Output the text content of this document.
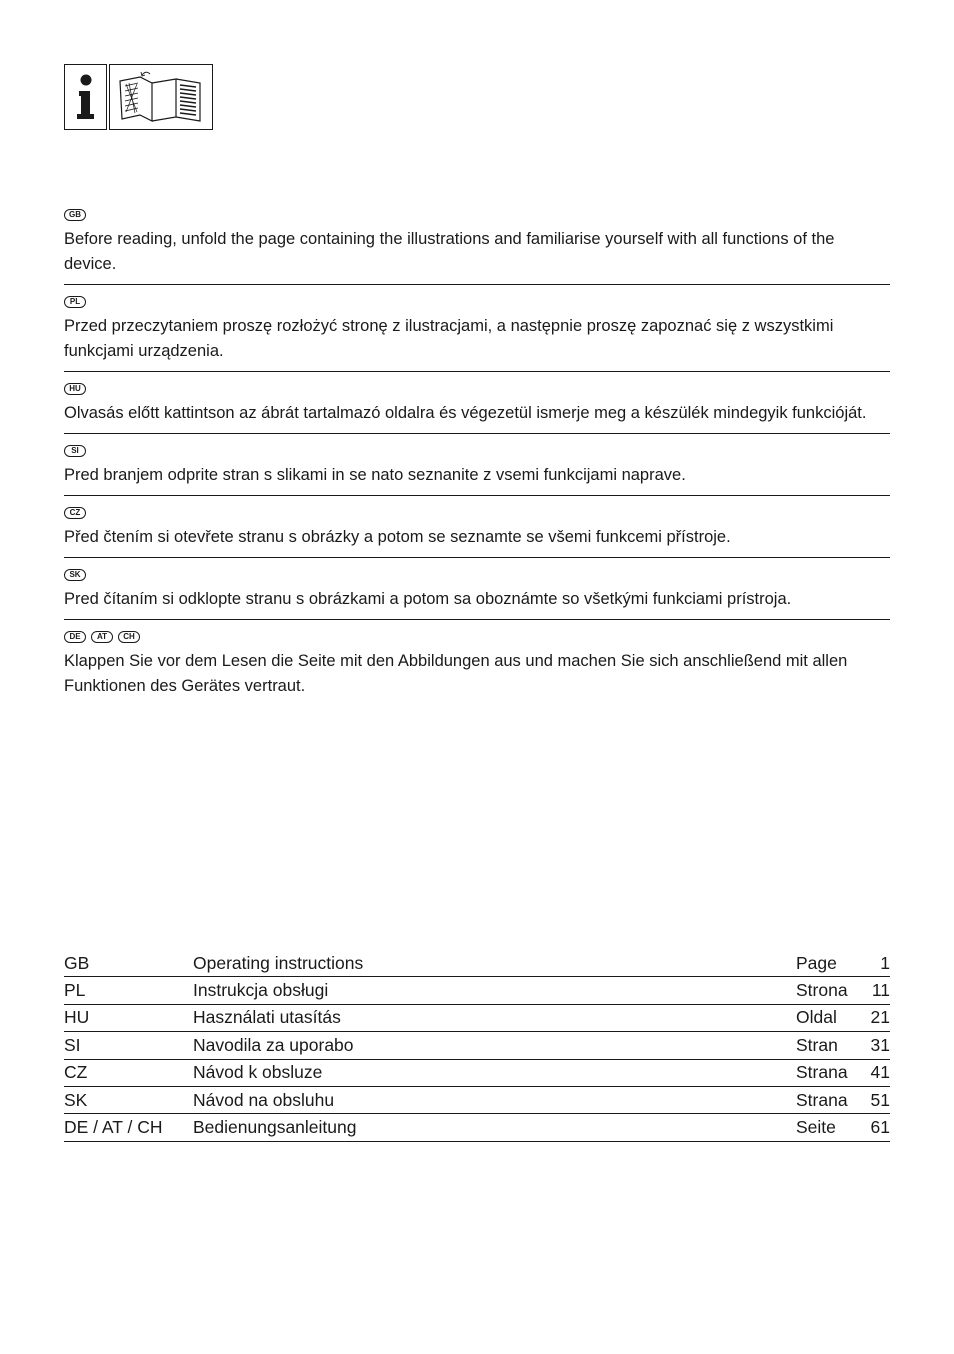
GB

Before reading, unfold the page containing the illustrations and familiarise yourself with all functions of the device.

PL

Przed przeczytaniem proszę rozłożyć stronę z ilustracjami, a następnie proszę zapoznać się z wszystkimi funkcjami urządzenia.

HU

Olvasás előtt kattintson az ábrát tartalmazó oldalra és végezetül ismerje meg a készülék mindegyik funkcióját.

SI

Pred branjem odprite stran s slikami in se nato seznanite z vsemi funkcijami naprave.

CZ

Před čtením si otevřete stranu s obrázky a potom se seznamte se všemi funkcemi přístroje.

SK

Pred čítaním si odklopte stranu s obrázkami a potom sa oboznámte so všetkými funkciami prístroja.

DE	AT	CH

Klappen Sie vor dem Lesen die Seite mit den Abbildungen aus und machen Sie sich anschließend mit allen Funktionen des Gerätes vertraut.

GB	Operating instructions	Page	1
PL	Instrukcja obsługi	Strona	11
HU	Használati utasítás	Oldal	21
SI	Navodila za uporabo	Stran	31
CZ	Návod k obsluze	Strana	41
SK	Návod na obsluhu	Strana	51
DE / AT / CH	Bedienungsanleitung	Seite	61
